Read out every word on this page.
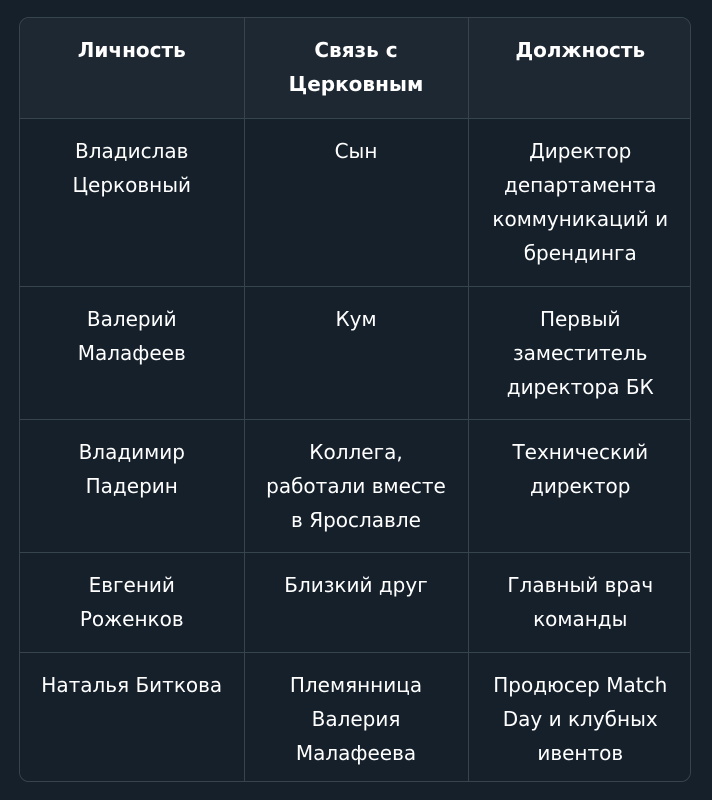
Личность	Связь с Церковным	Должность
Владислав Церковный	Сын	Директор департамента коммуникаций и брендинга
Валерий Малафеев	Кум	Первый заместитель директора БК
Владимир Падерин	Коллега, работали вместе в Ярославле	Технический директор
Евгений Роженков	Близкий друг	Главный врач команды
Наталья Биткова	Племянница Валерия Малафеева	Продюсер Match Day и клубных ивентов
